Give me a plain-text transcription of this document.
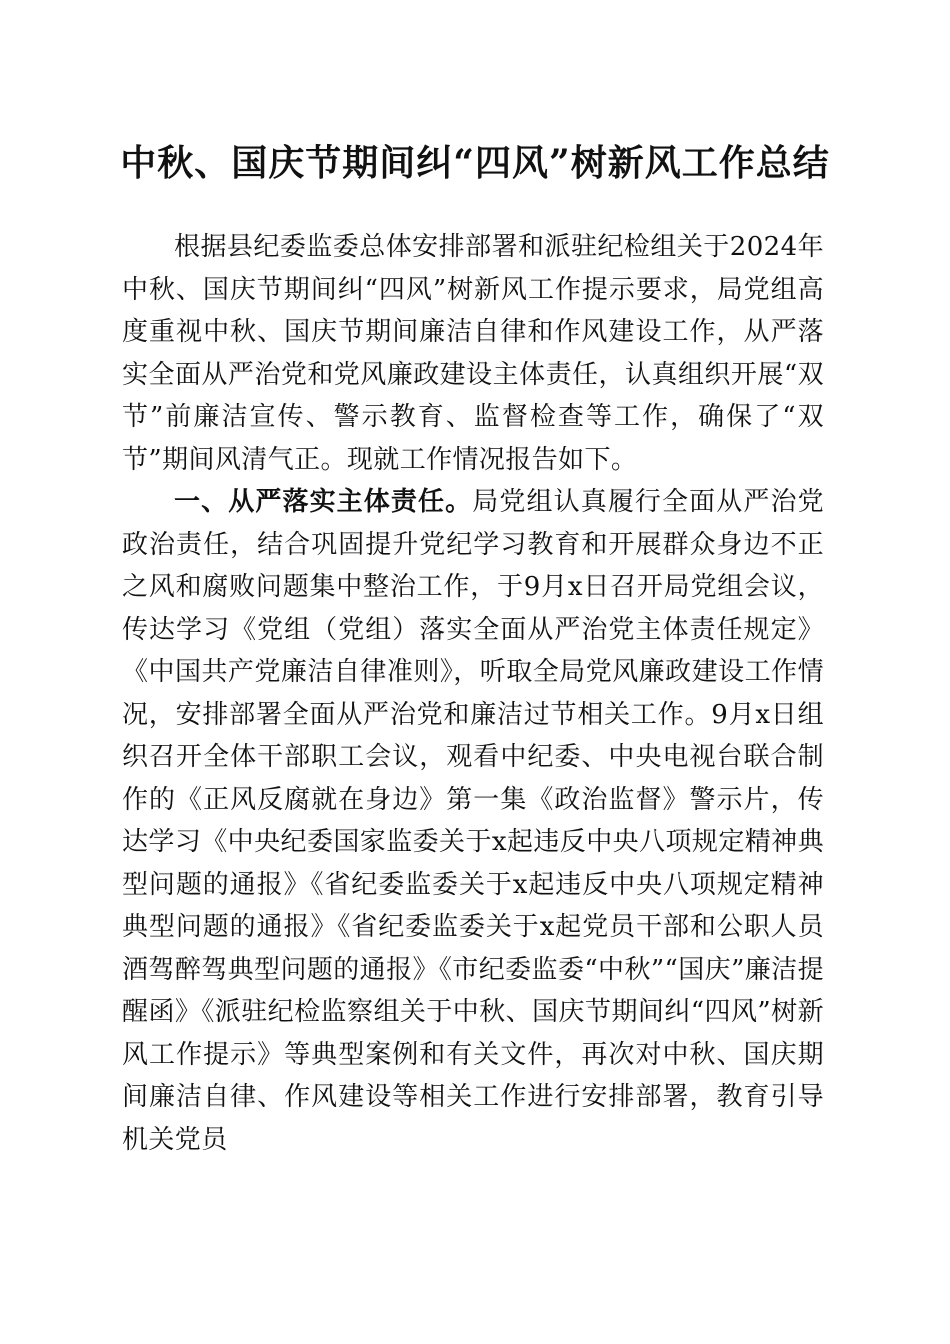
中秋、国庆节期间纠“四风”树新风工作总结

根据县纪委监委总体安排部署和派驻纪检组关于2024年中秋、国庆节期间纠“四风”树新风工作提示要求，局党组高度重视中秋、国庆节期间廉洁自律和作风建设工作，从严落实全面从严治党和党风廉政建设主体责任，认真组织开展“双节”前廉洁宣传、警示教育、监督检查等工作，确保了“双节”期间风清气正。现就工作情况报告如下。

一、从严落实主体责任。局党组认真履行全面从严治党政治责任，结合巩固提升党纪学习教育和开展群众身边不正之风和腐败问题集中整治工作，于9月x日召开局党组会议，传达学习《党组（党组）落实全面从严治党主体责任规定》《中国共产党廉洁自律准则》，听取全局党风廉政建设工作情况，安排部署全面从严治党和廉洁过节相关工作。9月x日组织召开全体干部职工会议，观看中纪委、中央电视台联合制作的《正风反腐就在身边》第一集《政治监督》警示片，传达学习《中央纪委国家监委关于x起违反中央八项规定精神典型问题的通报》《省纪委监委关于x起违反中央八项规定精神典型问题的通报》《省纪委监委关于x起党员干部和公职人员酒驾醉驾典型问题的通报》《市纪委监委“中秋”“国庆”廉洁提醒函》《派驻纪检监察组关于中秋、国庆节期间纠“四风”树新风工作提示》等典型案例和有关文件，再次对中秋、国庆期间廉洁自律、作风建设等相关工作进行安排部署，教育引导机关党员
